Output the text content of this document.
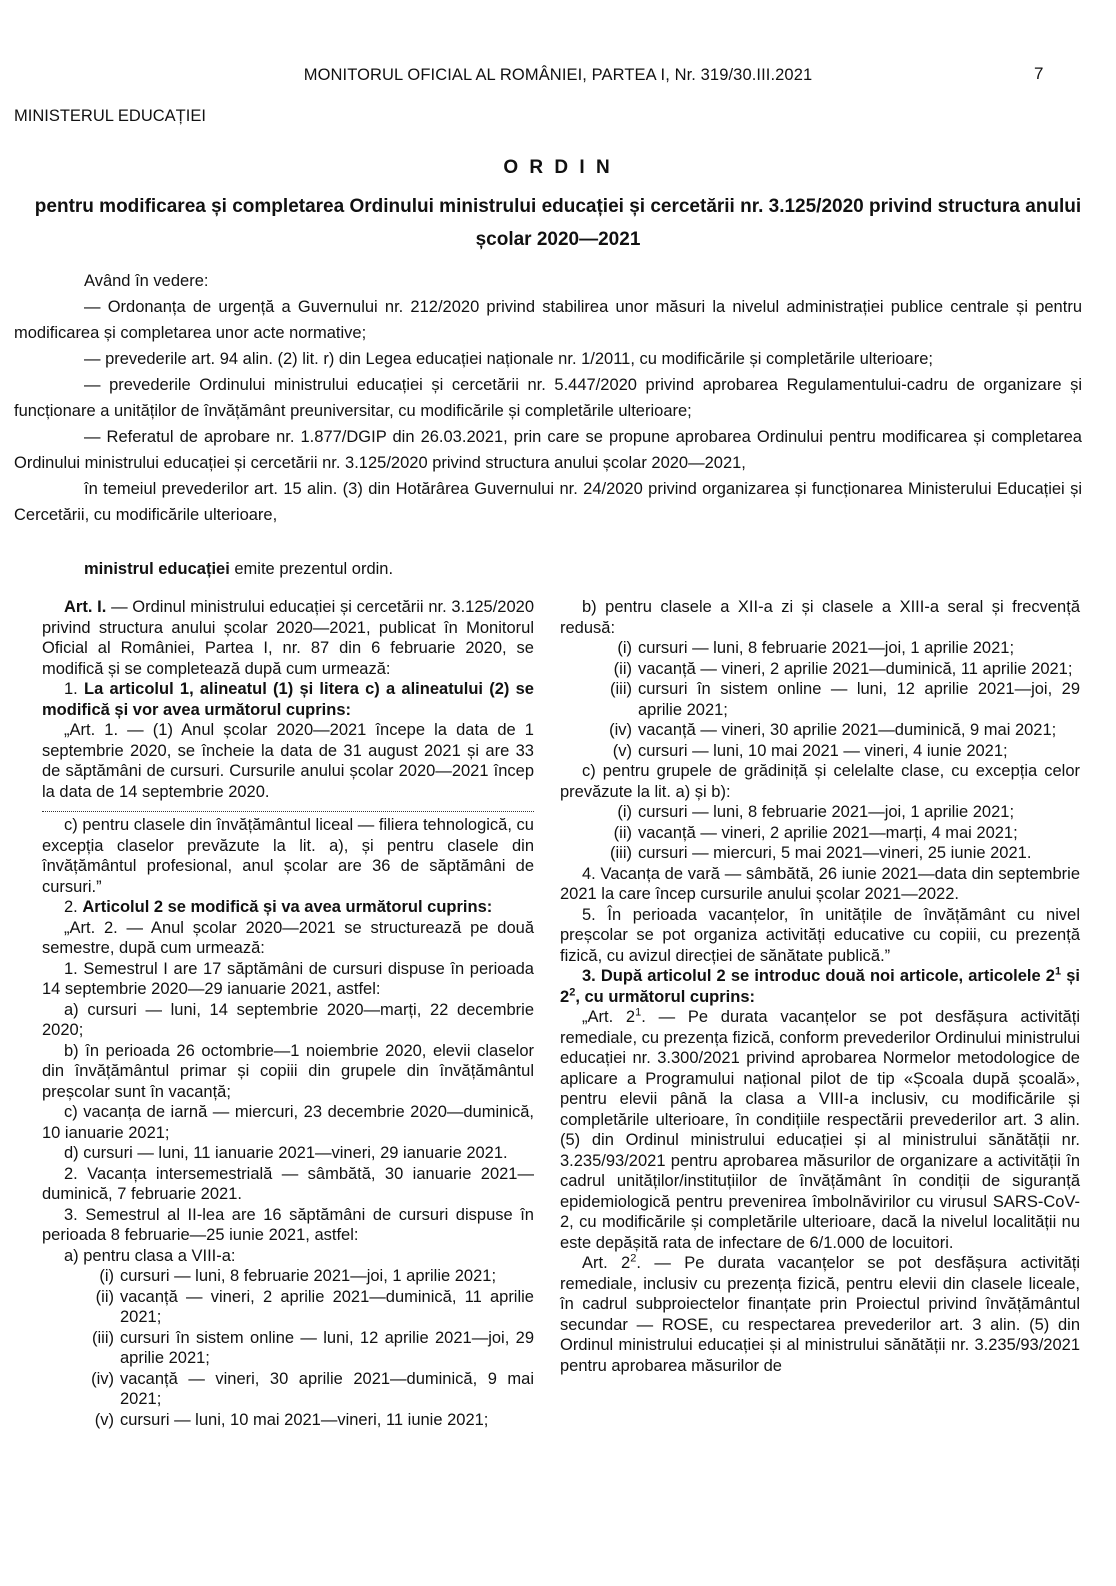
MONITORUL OFICIAL AL ROMÂNIEI, PARTEA I, Nr. 319/30.III.2021	7
MINISTERUL EDUCAȚIEI
O R D I N
pentru modificarea și completarea Ordinului ministrului educației și cercetării nr. 3.125/2020 privind structura anului școlar 2020—2021

Având în vedere:

— Ordonanța de urgență a Guvernului nr. 212/2020 privind stabilirea unor măsuri la nivelul administrației publice centrale și pentru modificarea și completarea unor acte normative;

— prevederile art. 94 alin. (2) lit. r) din Legea educației naționale nr. 1/2011, cu modificările și completările ulterioare;

— prevederile Ordinului ministrului educației și cercetării nr. 5.447/2020 privind aprobarea Regulamentului-cadru de organizare și funcționare a unităților de învățământ preuniversitar, cu modificările și completările ulterioare;

— Referatul de aprobare nr. 1.877/DGIP din 26.03.2021, prin care se propune aprobarea Ordinului pentru modificarea și completarea Ordinului ministrului educației și cercetării nr. 3.125/2020 privind structura anului școlar 2020—2021,

în temeiul prevederilor art. 15 alin. (3) din Hotărârea Guvernului nr. 24/2020 privind organizarea și funcționarea Ministerului Educației și Cercetării, cu modificările ulterioare,

ministrul educației emite prezentul ordin.

Art. I. — Ordinul ministrului educației și cercetării nr. 3.125/2020 privind structura anului școlar 2020—2021, publicat în Monitorul Oficial al României, Partea I, nr. 87 din 6 februarie 2020, se modifică și se completează după cum urmează:

1. La articolul 1, alineatul (1) și litera c) a alineatului (2) se modifică și vor avea următorul cuprins:

„Art. 1. — (1) Anul școlar 2020—2021 începe la data de 1 septembrie 2020, se încheie la data de 31 august 2021 și are 33 de săptămâni de cursuri. Cursurile anului școlar 2020—2021 încep la data de 14 septembrie 2020.

c) pentru clasele din învățământul liceal — filiera tehnologică, cu excepția claselor prevăzute la lit. a), și pentru clasele din învățământul profesional, anul școlar are 36 de săptămâni de cursuri.”

2. Articolul 2 se modifică și va avea următorul cuprins:

„Art. 2. — Anul școlar 2020—2021 se structurează pe două semestre, după cum urmează:

1. Semestrul I are 17 săptămâni de cursuri dispuse în perioada 14 septembrie 2020—29 ianuarie 2021, astfel:

a) cursuri — luni, 14 septembrie 2020—marți, 22 decembrie 2020;

b) în perioada 26 octombrie—1 noiembrie 2020, elevii claselor din învățământul primar și copiii din grupele din învățământul preșcolar sunt în vacanță;

c) vacanța de iarnă — miercuri, 23 decembrie 2020—duminică, 10 ianuarie 2021;

d) cursuri — luni, 11 ianuarie 2021—vineri, 29 ianuarie 2021.

2. Vacanța intersemestrială — sâmbătă, 30 ianuarie 2021—duminică, 7 februarie 2021.

3. Semestrul al II-lea are 16 săptămâni de cursuri dispuse în perioada 8 februarie—25 iunie 2021, astfel:

a) pentru clasa a VIII-a:

(i) cursuri — luni, 8 februarie 2021—joi, 1 aprilie 2021;
(ii) vacanță — vineri, 2 aprilie 2021—duminică, 11 aprilie 2021;
(iii) cursuri în sistem online — luni, 12 aprilie 2021—joi, 29 aprilie 2021;
(iv) vacanță — vineri, 30 aprilie 2021—duminică, 9 mai 2021;
(v) cursuri — luni, 10 mai 2021—vineri, 11 iunie 2021;

b) pentru clasele a XII-a zi și clasele a XIII-a seral și frecvență redusă:

(i) cursuri — luni, 8 februarie 2021—joi, 1 aprilie 2021;
(ii) vacanță — vineri, 2 aprilie 2021—duminică, 11 aprilie 2021;
(iii) cursuri în sistem online — luni, 12 aprilie 2021—joi, 29 aprilie 2021;
(iv) vacanță — vineri, 30 aprilie 2021—duminică, 9 mai 2021;
(v) cursuri — luni, 10 mai 2021 — vineri, 4 iunie 2021;

c) pentru grupele de grădiniță și celelalte clase, cu excepția celor prevăzute la lit. a) și b):

(i) cursuri — luni, 8 februarie 2021—joi, 1 aprilie 2021;
(ii) vacanță — vineri, 2 aprilie 2021—marți, 4 mai 2021;
(iii) cursuri — miercuri, 5 mai 2021—vineri, 25 iunie 2021.

4. Vacanța de vară — sâmbătă, 26 iunie 2021—data din septembrie 2021 la care încep cursurile anului școlar 2021—2022.

5. În perioada vacanțelor, în unitățile de învățământ cu nivel preșcolar se pot organiza activități educative cu copiii, cu prezență fizică, cu avizul direcției de sănătate publică.”

3. După articolul 2 se introduc două noi articole, articolele $2^1$ și $2^2$, cu următorul cuprins:

„Art. $2^1$. — Pe durata vacanțelor se pot desfășura activități remediale, cu prezența fizică, conform prevederilor Ordinului ministrului educației nr. 3.300/2021 privind aprobarea Normelor metodologice de aplicare a Programului național pilot de tip «Școala după școală», pentru elevii până la clasa a VIII-a inclusiv, cu modificările și completările ulterioare, în condițiile respectării prevederilor art. 3 alin. (5) din Ordinul ministrului educației și al ministrului sănătății nr. 3.235/93/2021 pentru aprobarea măsurilor de organizare a activității în cadrul unităților/instituțiilor de învățământ în condiții de siguranță epidemiologică pentru prevenirea îmbolnăvirilor cu virusul SARS-CoV-2, cu modificările și completările ulterioare, dacă la nivelul localității nu este depășită rata de infectare de 6/1.000 de locuitori.

Art. $2^2$. — Pe durata vacanțelor se pot desfășura activități remediale, inclusiv cu prezența fizică, pentru elevii din clasele liceale, în cadrul subproiectelor finanțate prin Proiectul privind învățământul secundar — ROSE, cu respectarea prevederilor art. 3 alin. (5) din Ordinul ministrului educației și al ministrului sănătății nr. 3.235/93/2021 pentru aprobarea măsurilor de
